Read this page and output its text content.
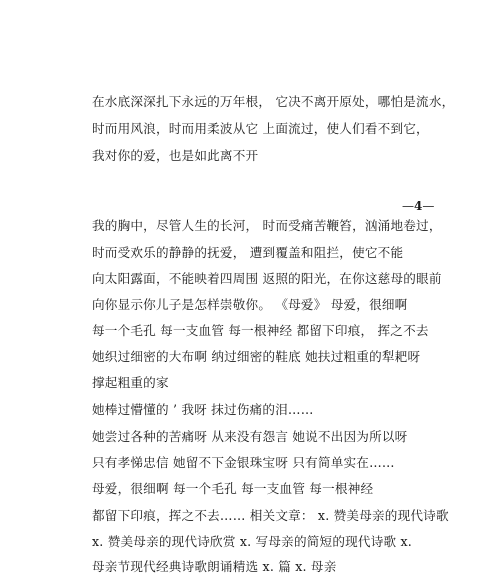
在水底深深扎下永远的万年根， 它决不离开原处，哪怕是流水，
时而用风浪，时而用柔波从它 上面流过，使人们看不到它，
我对你的爱，也是如此离不开
—4—
我的胸中，尽管人生的长河， 时而受痛苦鞭笞，汹涌地卷过，
时而受欢乐的静静的抚爱， 遭到覆盖和阻拦，使它不能
向太阳露面，不能映着四周围 返照的阳光，在你这慈母的眼前
向你显示你儿子是怎样崇敬你。 《母爱》 母爱，很细啊
每一个毛孔 每一支血管 每一根神经 都留下印痕， 挥之不去
她织过细密的大布啊 纳过细密的鞋底 她扶过粗重的犁耙呀
撑起粗重的家
她棒过懵懂的 ’ 我呀 抹过伤痛的泪……
她尝过各种的苦痛呀 从来没有怨言 她说不出因为所以呀
只有孝悌忠信 她留不下金银珠宝呀 只有简单实在……
母爱，很细啊 每一个毛孔 每一支血管 每一根神经
都留下印痕，挥之不去…… 相关文章： x. 赞美母亲的现代诗歌
x. 赞美母亲的现代诗欣赏 x. 写母亲的简短的现代诗歌 x.
母亲节现代经典诗歌朗诵精选 x. 篇 x. 母亲
